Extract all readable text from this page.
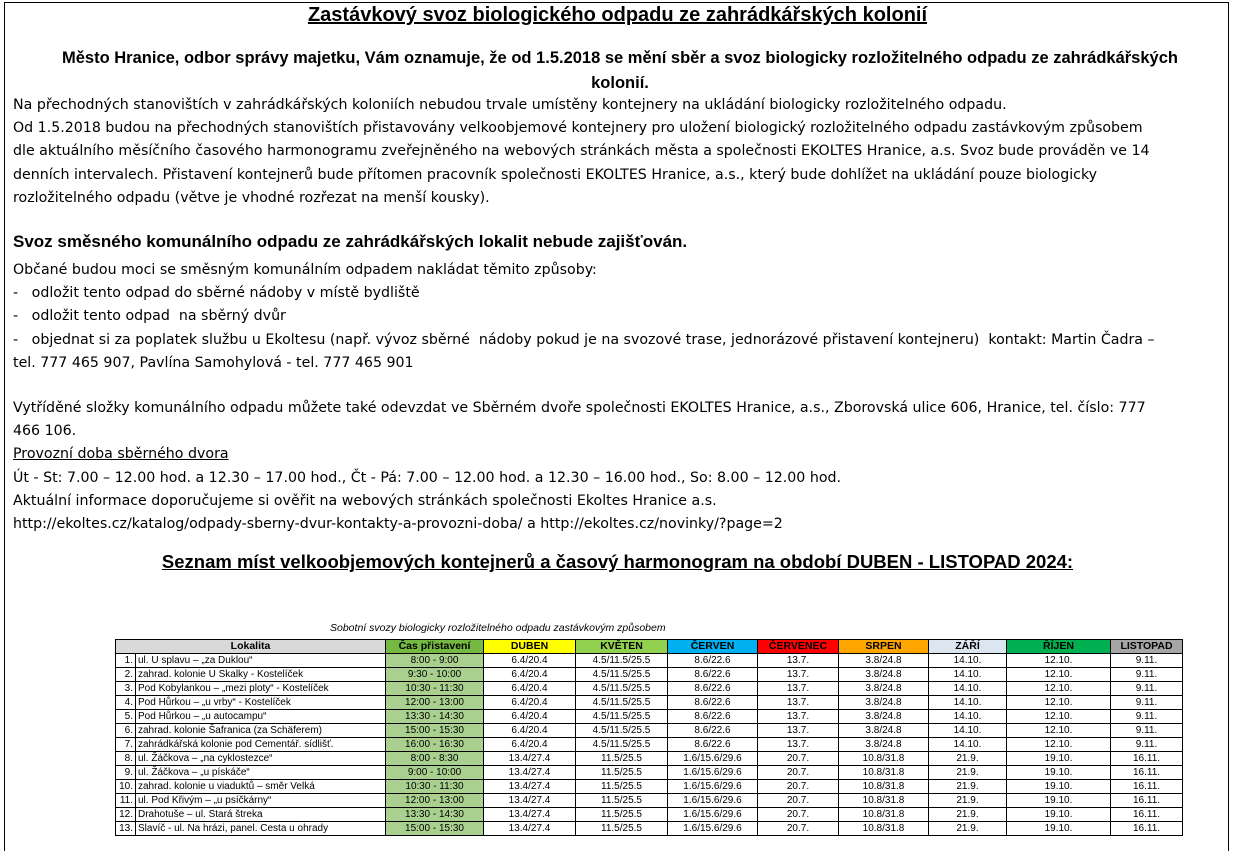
Zastávkový svoz biologického odpadu ze zahrádkářských kolonií
Město Hranice, odbor správy majetku, Vám oznamuje, že od 1.5.2018 se mění sběr a svoz biologicky rozložitelného odpadu ze zahrádkářských kolonií.
Na přechodných stanovištích v zahrádkářských koloniích nebudou trvale umístěny kontejnery na ukládání biologicky rozložitelného odpadu.
Od 1.5.2018 budou na přechodných stanovištích přistavovány velkoobjemové kontejnery pro uložení biologický rozložitelného odpadu zastávkovým způsobem
dle aktuálního měsíčního časového harmonogramu zveřejněného na webových stránkách města a společnosti EKOLTES Hranice, a.s. Svoz bude prováděn ve 14
denních intervalech. Přistavení kontejnerů bude přítomen pracovník společnosti EKOLTES Hranice, a.s., který bude dohlížet na ukládání pouze biologicky
rozložitelného odpadu (větve je vhodné rozřezat na menší kousky).
Svoz směsného komunálního odpadu ze zahrádkářských lokalit nebude zajišťován.
Občané budou moci se směsným komunálním odpadem nakládat těmito způsoby:
-   odložit tento odpad do sběrné nádoby v místě bydliště
-   odložit tento odpad  na sběrný dvůr
-   objednat si za poplatek službu u Ekoltesu (např. vývoz sběrné  nádoby pokud je na svozové trase, jednorázové přistavení kontejneru)  kontakt: Martin Čadra –
tel. 777 465 907, Pavlína Samohylová - tel. 777 465 901
Vytříděné složky komunálního odpadu můžete také odevzdat ve Sběrném dvoře společnosti EKOLTES Hranice, a.s., Zborovská ulice 606, Hranice, tel. číslo: 777
466 106.
Provozní doba sběrného dvora
Út - St: 7.00 – 12.00 hod. a 12.30 – 17.00 hod., Čt - Pá: 7.00 – 12.00 hod. a 12.30 – 16.00 hod., So: 8.00 – 12.00 hod.
Aktuální informace doporučujeme si ověřit na webových stránkách společnosti Ekoltes Hranice a.s.
http://ekoltes.cz/katalog/odpady-sberny-dvur-kontakty-a-provozni-doba/ a http://ekoltes.cz/novinky/?page=2
Seznam míst velkoobjemových kontejnerů a časový harmonogram na období DUBEN - LISTOPAD 2024:
Sobotní svozy biologicky rozložitelného odpadu zastávkovým způsobem
Lokalita		Čas přistavení	DUBEN	KVĚTEN	ČERVEN	ČERVENEC	SRPEN	ZÁŘÍ	ŘÍJEN	LISTOPAD
1.	ul. U splavu – „za Duklou“	8:00 - 9:00	6.4/20.4	4.5/11.5/25.5	8.6/22.6	13.7.	3.8/24.8	14.10.	12.10.	9.11.
2.	zahrad. kolonie U Skalky - Kostelíček	9:30 - 10:00	6.4/20.4	4.5/11.5/25.5	8.6/22.6	13.7.	3.8/24.8	14.10.	12.10.	9.11.
3.	Pod Kobylankou – „mezi ploty“ - Kostelíček	10:30 - 11:30	6.4/20.4	4.5/11.5/25.5	8.6/22.6	13.7.	3.8/24.8	14.10.	12.10.	9.11.
4.	Pod Hůrkou – „u vrby“ - Kostelíček	12:00 - 13:00	6.4/20.4	4.5/11.5/25.5	8.6/22.6	13.7.	3.8/24.8	14.10.	12.10.	9.11.
5.	Pod Hůrkou – „u autocampu“	13:30 - 14:30	6.4/20.4	4.5/11.5/25.5	8.6/22.6	13.7.	3.8/24.8	14.10.	12.10.	9.11.
6.	zahrad. kolonie Šafranica (za Schäferem)	15:00 - 15:30	6.4/20.4	4.5/11.5/25.5	8.6/22.6	13.7.	3.8/24.8	14.10.	12.10.	9.11.
7.	zahrádkářská kolonie pod Cementář. sídlišť.	16:00 - 16:30	6.4/20.4	4.5/11.5/25.5	8.6/22.6	13.7.	3.8/24.8	14.10.	12.10.	9.11.
8.	ul. Žáčkova – „na cyklostezce“	8:00 - 8:30	13.4/27.4	11.5/25.5	1.6/15.6/29.6	20.7.	10.8/31.8	21.9.	19.10.	16.11.
9.	ul. Žáčkova – „u pískáče“	9:00 - 10:00	13.4/27.4	11.5/25.5	1.6/15.6/29.6	20.7.	10.8/31.8	21.9.	19.10.	16.11.
10.	zahrad. kolonie u viaduktů – směr Velká	10:30 - 11:30	13.4/27.4	11.5/25.5	1.6/15.6/29.6	20.7.	10.8/31.8	21.9.	19.10.	16.11.
11.	ul. Pod Křivým – „u psíčkárny“	12:00 - 13:00	13.4/27.4	11.5/25.5	1.6/15.6/29.6	20.7.	10.8/31.8	21.9.	19.10.	16.11.
12.	Drahotuše – ul. Stará štreka	13:30 - 14:30	13.4/27.4	11.5/25.5	1.6/15.6/29.6	20.7.	10.8/31.8	21.9.	19.10.	16.11.
13.	Slavíč - ul. Na hrázi, panel. Cesta u ohrady	15:00 - 15:30	13.4/27.4	11.5/25.5	1.6/15.6/29.6	20.7.	10.8/31.8	21.9.	19.10.	16.11.
